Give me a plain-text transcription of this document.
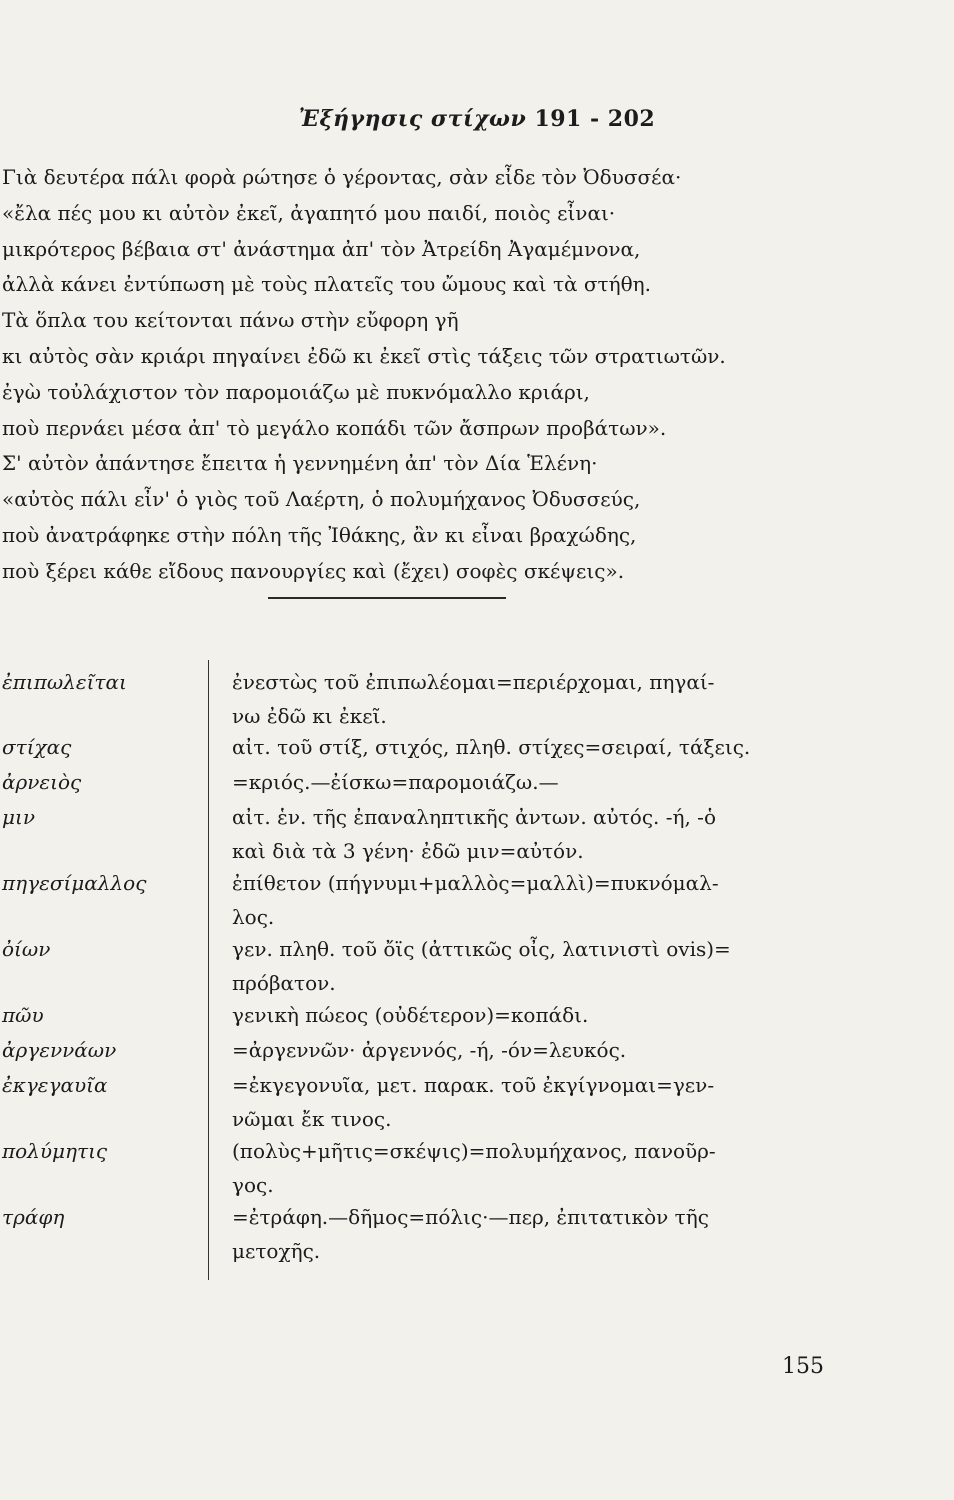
Ἐξήγησις στίχων 191 - 202
Γιὰ δευτέρα πάλι φορὰ ρώτησε ὁ γέροντας, σὰν εἶδε τὸν Ὀδυσσέα·
«ἔλα πές μου κι αὐτὸν ἐκεῖ, ἀγαπητό μου παιδί, ποιὸς εἶναι·
μικρότερος βέβαια στ' ἀνάστημα ἀπ' τὸν Ἀτρείδη Ἀγαμέμνονα,
ἀλλὰ κάνει ἐντύπωση μὲ τοὺς πλατεῖς του ὤμους καὶ τὰ στήθη.
Τὰ ὅπλα του κείτονται πάνω στὴν εὔφορη γῆ
κι αὐτὸς σὰν κριάρι πηγαίνει ἐδῶ κι ἐκεῖ στὶς τάξεις τῶν στρατιωτῶν.
ἐγὼ τοὐλάχιστον τὸν παρομοιάζω μὲ πυκνόμαλλο κριάρι,
ποὺ περνάει μέσα ἀπ' τὸ μεγάλο κοπάδι τῶν ἄσπρων προβάτων».
Σ' αὐτὸν ἀπάντησε ἔπειτα ἡ γεννημένη ἀπ' τὸν Δία Ἑλένη·
«αὐτὸς πάλι εἶν' ὁ γιὸς τοῦ Λαέρτη, ὁ πολυμήχανος Ὀδυσσεύς,
ποὺ ἀνατράφηκε στὴν πόλη τῆς Ἰθάκης, ἂν κι εἶναι βραχώδης,
ποὺ ξέρει κάθε εἴδους πανουργίες καὶ (ἔχει) σοφὲς σκέψεις».
ἐπιπωλεῖται	ἐνεστὼς τοῦ ἐπιπωλέομαι=περιέρχομαι, πηγαί-
νω ἐδῶ κι ἐκεῖ.
στίχας	αἰτ. τοῦ στίξ, στιχός, πληθ. στίχες=σειραί, τάξεις.
ἀρνειὸς	=κριός.—ἐίσκω=παρομοιάζω.—
μιν	αἰτ. ἑν. τῆς ἐπαναληπτικῆς ἀντων. αὐτός. -ή, -ὁ
καὶ διὰ τὰ 3 γένη· ἐδῶ μιν=αὐτόν.
πηγεσίμαλλος	ἐπίθετον (πήγνυμι+μαλλὸς=μαλλὶ)=πυκνόμαλ-
λος.
ὀίων	γεν. πληθ. τοῦ ὄϊς (ἀττικῶς οἶς, λατινιστὶ ovis)=
πρόβατον.
πῶυ	γενικὴ πώεος (οὐδέτερον)=κοπάδι.
ἀργεννάων	=ἀργεννῶν· ἀργεννός, -ή, -όν=λευκός.
ἐκγεγαυῖα	=ἐκγεγονυῖα, μετ. παρακ. τοῦ ἐκγίγνομαι=γεν-
νῶμαι ἔκ τινος.
πολύμητις	(πολὺς+μῆτις=σκέψις)=πολυμήχανος, πανοῦρ-
γος.
τράφη	=ἐτράφη.—δῆμος=πόλις·—περ, ἐπιτατικὸν τῆς
μετοχῆς.
155
